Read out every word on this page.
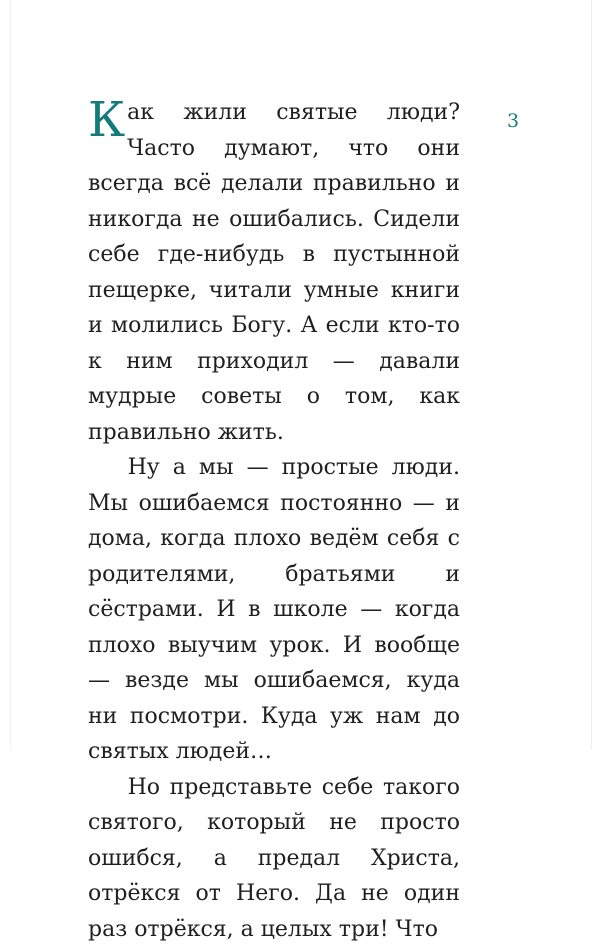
3

Как жили святые люди? Часто думают, что они всегда всё делали правильно и никогда не ошибались. Сидели себе где-нибудь в пустынной пещерке, читали умные книги и молились Богу. А если кто-то к ним приходил — давали мудрые советы о том, как правильно жить.

Ну а мы — простые люди. Мы ошибаемся постоянно — и дома, когда плохо ведём себя с родителями, братьями и сёстрами. И в школе — когда плохо выучим урок. И вообще — везде мы ошибаемся, куда ни посмотри. Куда уж нам до святых людей…

Но представьте себе такого святого, который не просто ошибся, а предал Христа, отрёкся от Него. Да не один раз отрёкся, а целых три! Что
